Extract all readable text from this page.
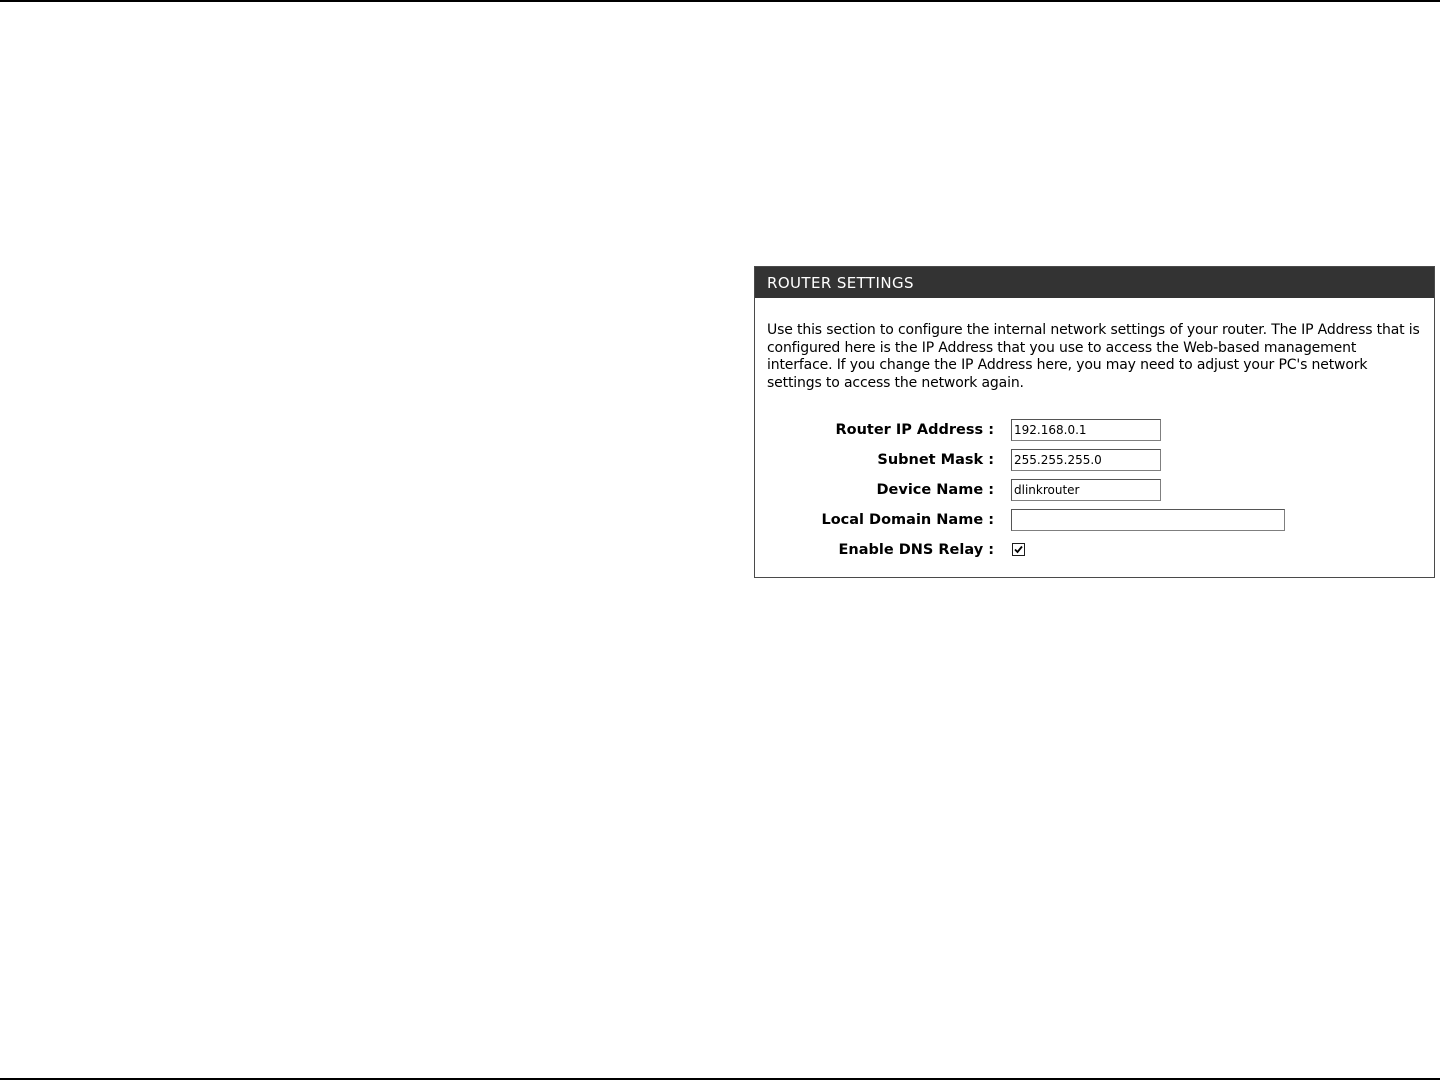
ROUTER SETTINGS
Use this section to configure the internal network settings of your router. The IP Address that is configured here is the IP Address that you use to access the Web-based management interface. If you change the IP Address here, you may need to adjust your PC's network settings to access the network again.
Router IP Address :
192.168.0.1
Subnet Mask :
255.255.255.0
Device Name :
dlinkrouter
Local Domain Name :
Enable DNS Relay :
